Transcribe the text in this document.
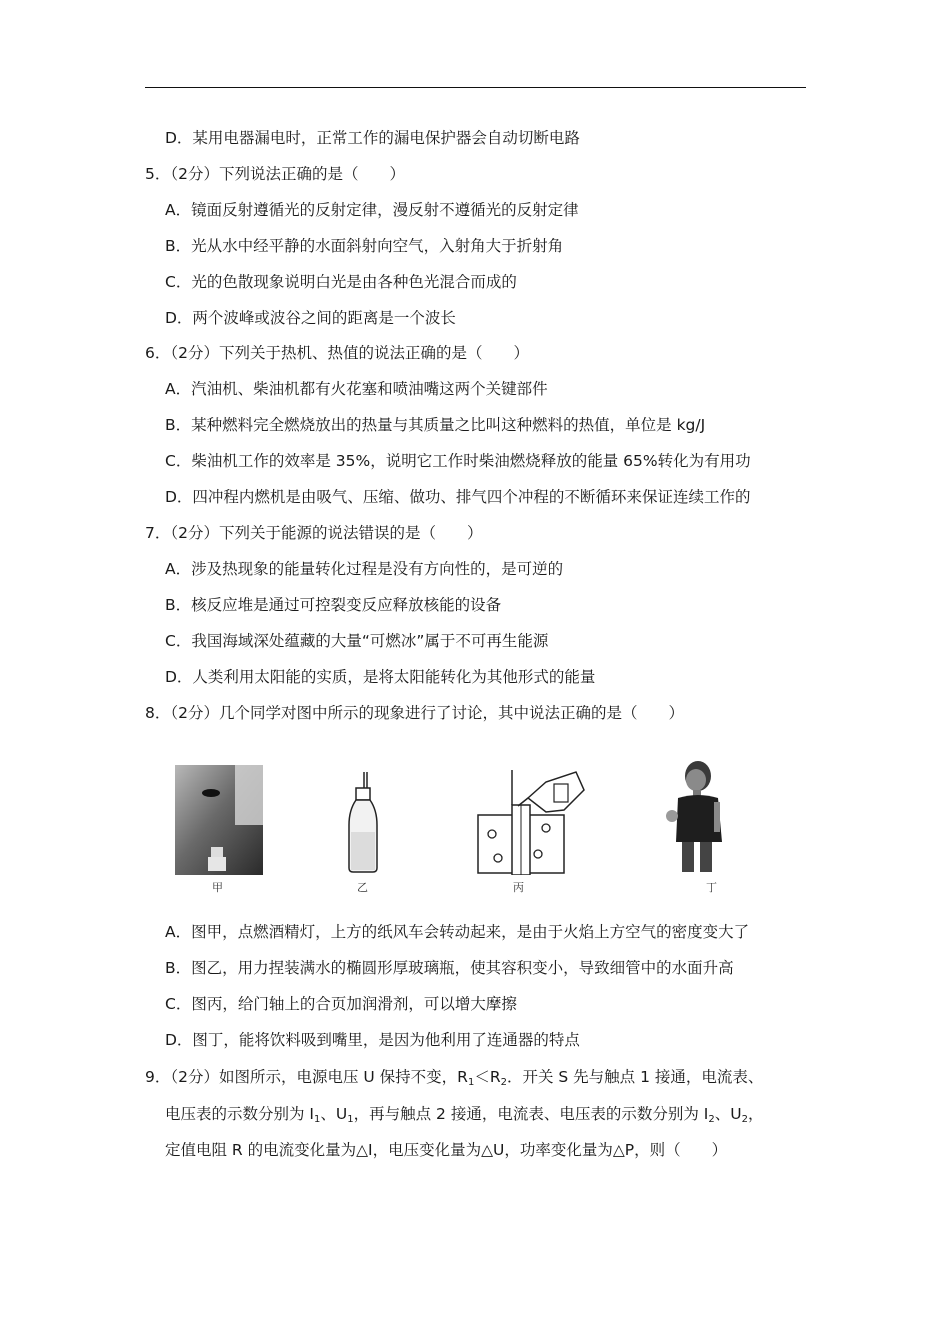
D．某用电器漏电时，正常工作的漏电保护器会自动切断电路
5．（2分）下列说法正确的是（　　）
A．镜面反射遵循光的反射定律，漫反射不遵循光的反射定律
B．光从水中经平静的水面斜射向空气，入射角大于折射角
C．光的色散现象说明白光是由各种色光混合而成的
D．两个波峰或波谷之间的距离是一个波长
6．（2分）下列关于热机、热值的说法正确的是（　　）
A．汽油机、柴油机都有火花塞和喷油嘴这两个关键部件
B．某种燃料完全燃烧放出的热量与其质量之比叫这种燃料的热值，单位是 kg/J
C．柴油机工作的效率是 35%，说明它工作时柴油燃烧释放的能量 65%转化为有用功
D．四冲程内燃机是由吸气、压缩、做功、排气四个冲程的不断循环来保证连续工作的
7．（2分）下列关于能源的说法错误的是（　　）
A．涉及热现象的能量转化过程是没有方向性的，是可逆的
B．核反应堆是通过可控裂变反应释放核能的设备
C．我国海域深处蕴藏的大量“可燃冰”属于不可再生能源
D．人类利用太阳能的实质，是将太阳能转化为其他形式的能量
8．（2分）几个同学对图中所示的现象进行了讨论，其中说法正确的是（　　）
甲	乙	丙	丁
A．图甲，点燃酒精灯，上方的纸风车会转动起来，是由于火焰上方空气的密度变大了
B．图乙，用力捏装满水的椭圆形厚玻璃瓶，使其容积变小，导致细管中的水面升高
C．图丙，给门轴上的合页加润滑剂，可以增大摩擦
D．图丁，能将饮料吸到嘴里，是因为他利用了连通器的特点
9．（2分）如图所示，电源电压 U 保持不变，$R_1<R_2$．开关 S 先与触点 1 接通，电流表、
电压表的示数分别为 $I_1$、$U_1$，再与触点 2 接通，电流表、电压表的示数分别为 $I_2$、$U_2$，
定值电阻 R 的电流变化量为△I，电压变化量为△U，功率变化量为△P，则（　　）
